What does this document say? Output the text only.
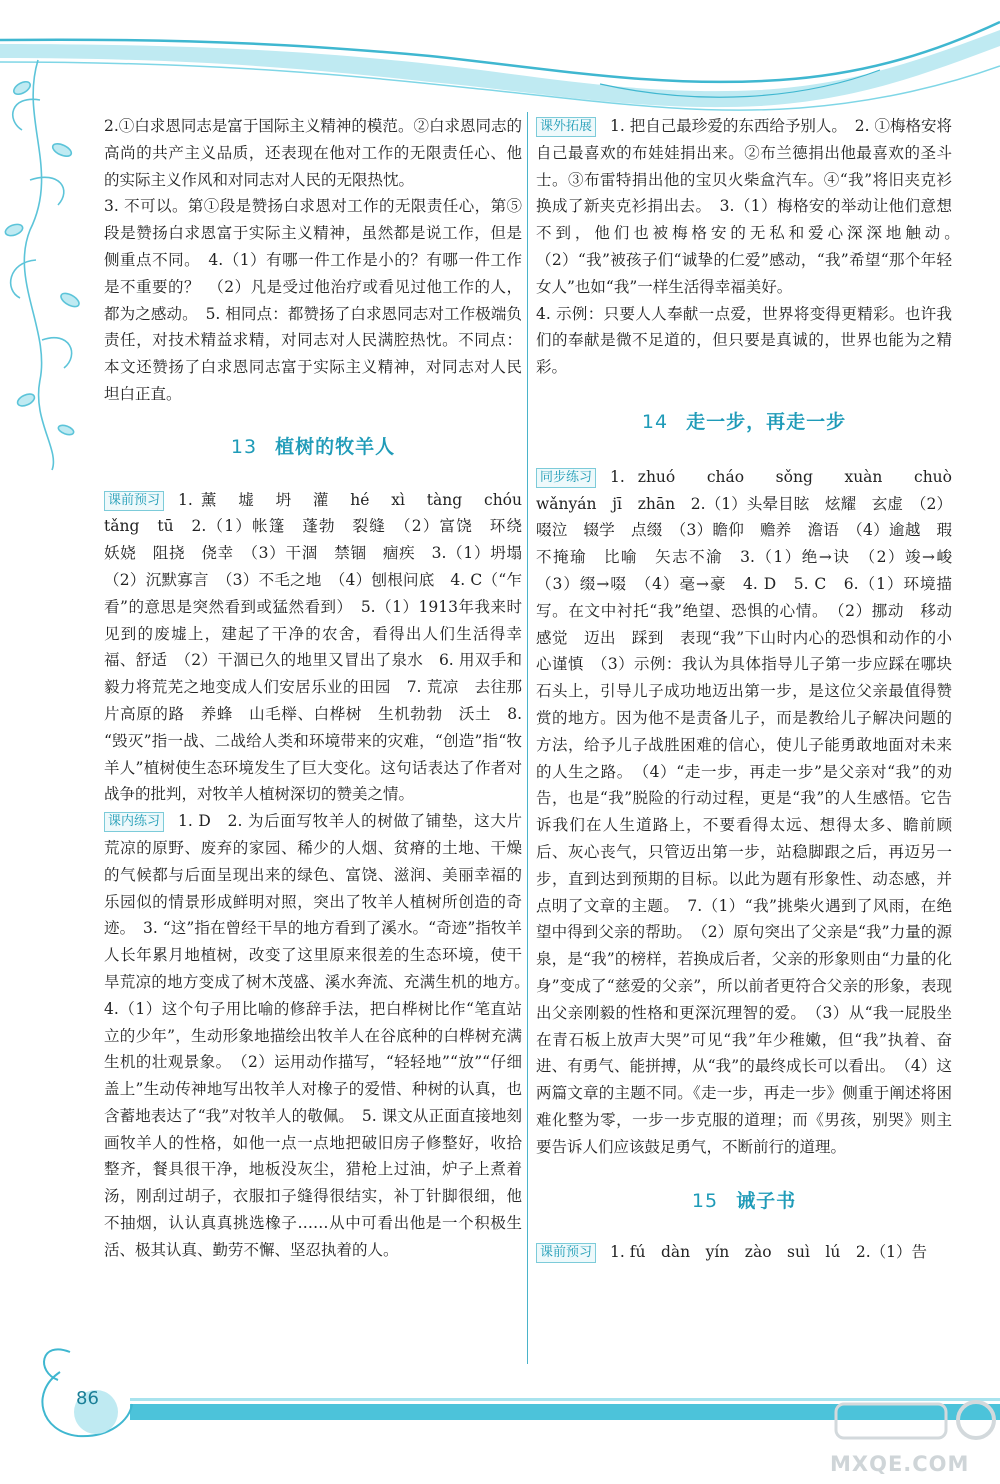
2.①白求恩同志是富于国际主义精神的模范。②白求恩同志的高尚的共产主义品质，还表现在他对工作的无限责任心、他的实际主义作风和对同志对人民的无限热忱。

3. 不可以。第①段是赞扬白求恩对工作的无限责任心，第⑤段是赞扬白求恩富于实际主义精神，虽然都是说工作，但是侧重点不同。　4.（1）有哪一件工作是小的？有哪一件工作是不重要的？　（2）凡是受过他治疗或看见过他工作的人，都为之感动。　5. 相同点：都赞扬了白求恩同志对工作极端负责任，对技术精益求精，对同志对人民满腔热忱。不同点：本文还赞扬了白求恩同志富于实际主义精神，对同志对人民坦白正直。

13 植树的牧羊人

课前预习 1. 薰　墟　坍　灌　hé　xì　tàng　chóu　tǎng　tū　2.（1）帐篷　蓬勃　裂缝　（2）富饶　环绕　妖娆　阻挠　侥幸　（3）干涸　禁锢　痼疾　3.（1）坍塌　（2）沉默寡言　（3）不毛之地　（4）刨根问底　4. C（“乍看”的意思是突然看到或猛然看到）　5.（1）1913年我来时见到的废墟上，建起了干净的农舍，看得出人们生活得幸福、舒适　（2）干涸已久的地里又冒出了泉水　6. 用双手和毅力将荒芜之地变成人们安居乐业的田园　7. 荒凉　去往那片高原的路　养蜂　山毛榉、白桦树　生机勃勃　沃土　8. “毁灭”指一战、二战给人类和环境带来的灾难，“创造”指“牧羊人”植树使生态环境发生了巨大变化。这句话表达了作者对战争的批判，对牧羊人植树深切的赞美之情。

课内练习 1. D　2. 为后面写牧羊人的树做了铺垫，这大片荒凉的原野、废弃的家园、稀少的人烟、贫瘠的土地、干燥的气候都与后面呈现出来的绿色、富饶、滋润、美丽幸福的乐园似的情景形成鲜明对照，突出了牧羊人植树所创造的奇迹。　3. “这”指在曾经干旱的地方看到了溪水。“奇迹”指牧羊人长年累月地植树，改变了这里原来很差的生态环境，使干旱荒凉的地方变成了树木茂盛、溪水奔流、充满生机的地方。　4.（1）这个句子用比喻的修辞手法，把白桦树比作“笔直站立的少年”，生动形象地描绘出牧羊人在谷底种的白桦树充满生机的壮观景象。　（2）运用动作描写，“轻轻地”“放”“仔细盖上”生动传神地写出牧羊人对橡子的爱惜、种树的认真，也含蓄地表达了“我”对牧羊人的敬佩。　5. 课文从正面直接地刻画牧羊人的性格，如他一点一点地把破旧房子修整好，收拾整齐，餐具很干净，地板没灰尘，猎枪上过油，炉子上煮着汤，刚刮过胡子，衣服扣子缝得很结实，补丁针脚很细，他不抽烟，认认真真挑选橡子……从中可看出他是一个积极生活、极其认真、勤劳不懈、坚忍执着的人。

课外拓展 1. 把自己最珍爱的东西给予别人。　2. ①梅格安将自己最喜欢的布娃娃捐出来。②布兰德捐出他最喜欢的圣斗士。③布雷特捐出他的宝贝火柴盒汽车。④“我”将旧夹克衫换成了新夹克衫捐出去。　3.（1）梅格安的举动让他们意想不到，他们也被梅格安的无私和爱心深深地触动。　（2）“我”被孩子们“诚挚的仁爱”感动，“我”希望“那个年轻女人”也如“我”一样生活得幸福美好。

4. 示例：只要人人奉献一点爱，世界将变得更精彩。也许我们的奉献是微不足道的，但只要是真诚的，世界也能为之精彩。

14 走一步，再走一步

同步练习 1. zhuó　cháo　sǒng　xuàn　chuò　wǎnyán　jī　zhān　2.（1）头晕目眩　炫耀　玄虚　（2）啜泣　辍学　点缀　（3）瞻仰　赡养　澹语　（4）逾越　瑕不掩瑜　比喻　矢志不渝　3.（1）绝→诀　（2）竣→峻　（3）缀→啜　（4）毫→豪　4. D　5. C　6.（1）环境描写。在文中衬托“我”绝望、恐惧的心情。　（2）挪动　移动　感觉　迈出　踩到　表现“我”下山时内心的恐惧和动作的小心谨慎　（3）示例：我认为具体指导儿子第一步应踩在哪块石头上，引导儿子成功地迈出第一步，是这位父亲最值得赞赏的地方。因为他不是责备儿子，而是教给儿子解决问题的方法，给予儿子战胜困难的信心，使儿子能勇敢地面对未来的人生之路。　（4）“走一步，再走一步”是父亲对“我”的劝告，也是“我”脱险的行动过程，更是“我”的人生感悟。它告诉我们在人生道路上，不要看得太远、想得太多、瞻前顾后、灰心丧气，只管迈出第一步，站稳脚跟之后，再迈另一步，直到达到预期的目标。以此为题有形象性、动态感，并点明了文章的主题。　7.（1）“我”挑柴火遇到了风雨，在绝望中得到父亲的帮助。　（2）原句突出了父亲是“我”力量的源泉，是“我”的榜样，若换成后者，父亲的形象则由“力量的化身”变成了“慈爱的父亲”，所以前者更符合父亲的形象，表现出父亲刚毅的性格和更深沉理智的爱。　（3）从“我一屁股坐在青石板上放声大哭”可见“我”年少稚嫩，但“我”执着、奋进、有勇气、能拼搏，从“我”的最终成长可以看出。　（4）这两篇文章的主题不同。《走一步，再走一步》侧重于阐述将困难化整为零，一步一步克服的道理；而《男孩，别哭》则主要告诉人们应该鼓足勇气，不断前行的道理。

15 诫子书

课前预习 1. fú　dàn　yín　zào　suì　lú　2.（1）告

86
MXQE.COM
